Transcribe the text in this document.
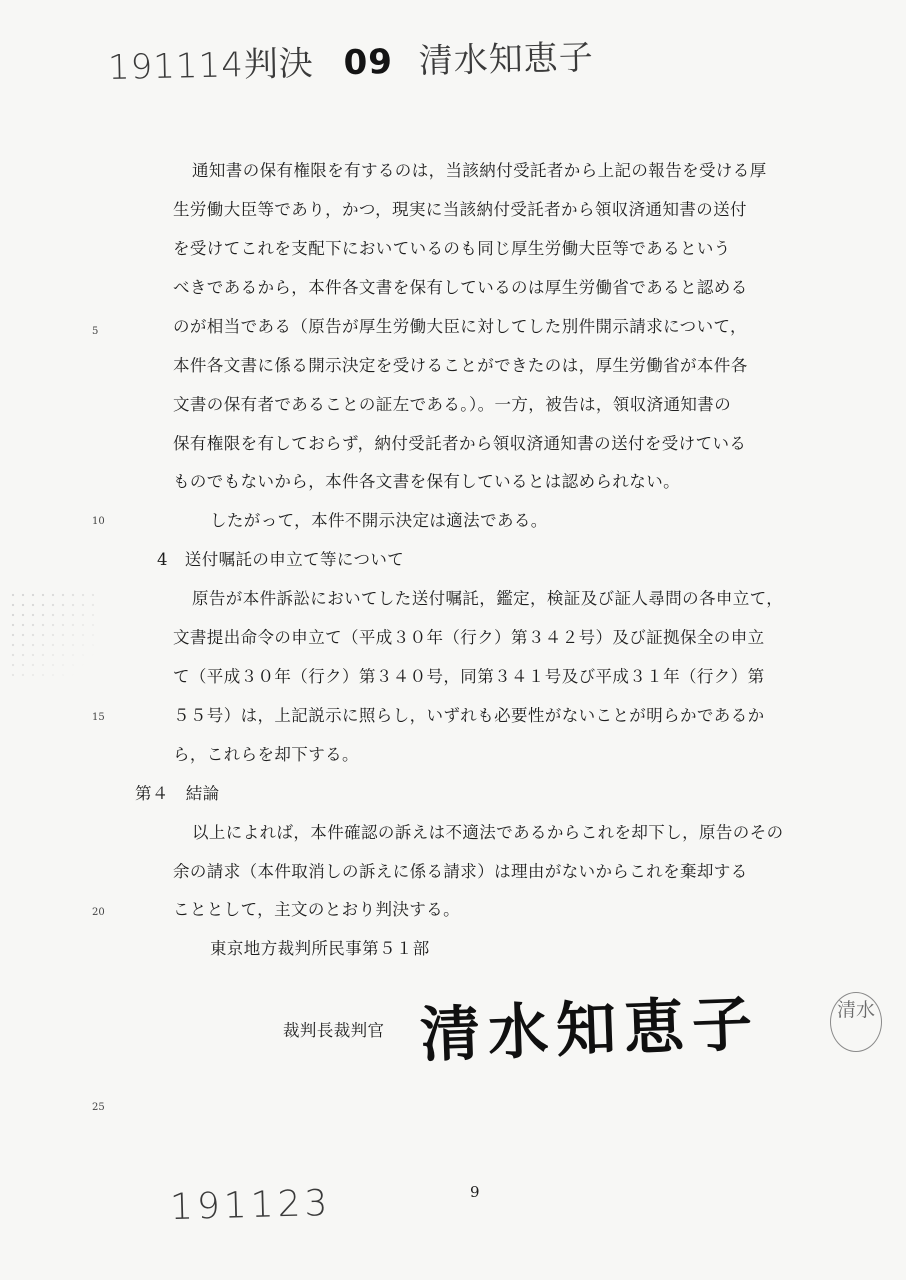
191114判決 09 清水知恵子
5
10
15
20
25
通知書の保有権限を有するのは，当該納付受託者から上記の報告を受ける厚
生労働大臣等であり，かつ，現実に当該納付受託者から領収済通知書の送付
を受けてこれを支配下においているのも同じ厚生労働大臣等であるという
べきであるから，本件各文書を保有しているのは厚生労働省であると認める
のが相当である（原告が厚生労働大臣に対してした別件開示請求について，
本件各文書に係る開示決定を受けることができたのは，厚生労働省が本件各
文書の保有者であることの証左である。）。一方，被告は，領収済通知書の
保有権限を有しておらず，納付受託者から領収済通知書の送付を受けている
ものでもないから，本件各文書を保有しているとは認められない。
したがって，本件不開示決定は適法である。
4　送付嘱託の申立て等について
原告が本件訴訟においてした送付嘱託，鑑定，検証及び証人尋問の各申立て，
文書提出命令の申立て（平成３０年（行ク）第３４２号）及び証拠保全の申立
て（平成３０年（行ク）第３４０号，同第３４１号及び平成３１年（行ク）第
５５号）は，上記説示に照らし，いずれも必要性がないことが明らかであるか
ら，これらを却下する。
第４　結論
以上によれば，本件確認の訴えは不適法であるからこれを却下し，原告のその
余の請求（本件取消しの訴えに係る請求）は理由がないからこれを棄却する
こととして，主文のとおり判決する。
東京地方裁判所民事第５１部
裁判長裁判官 清水知恵子	清水
191123	9
